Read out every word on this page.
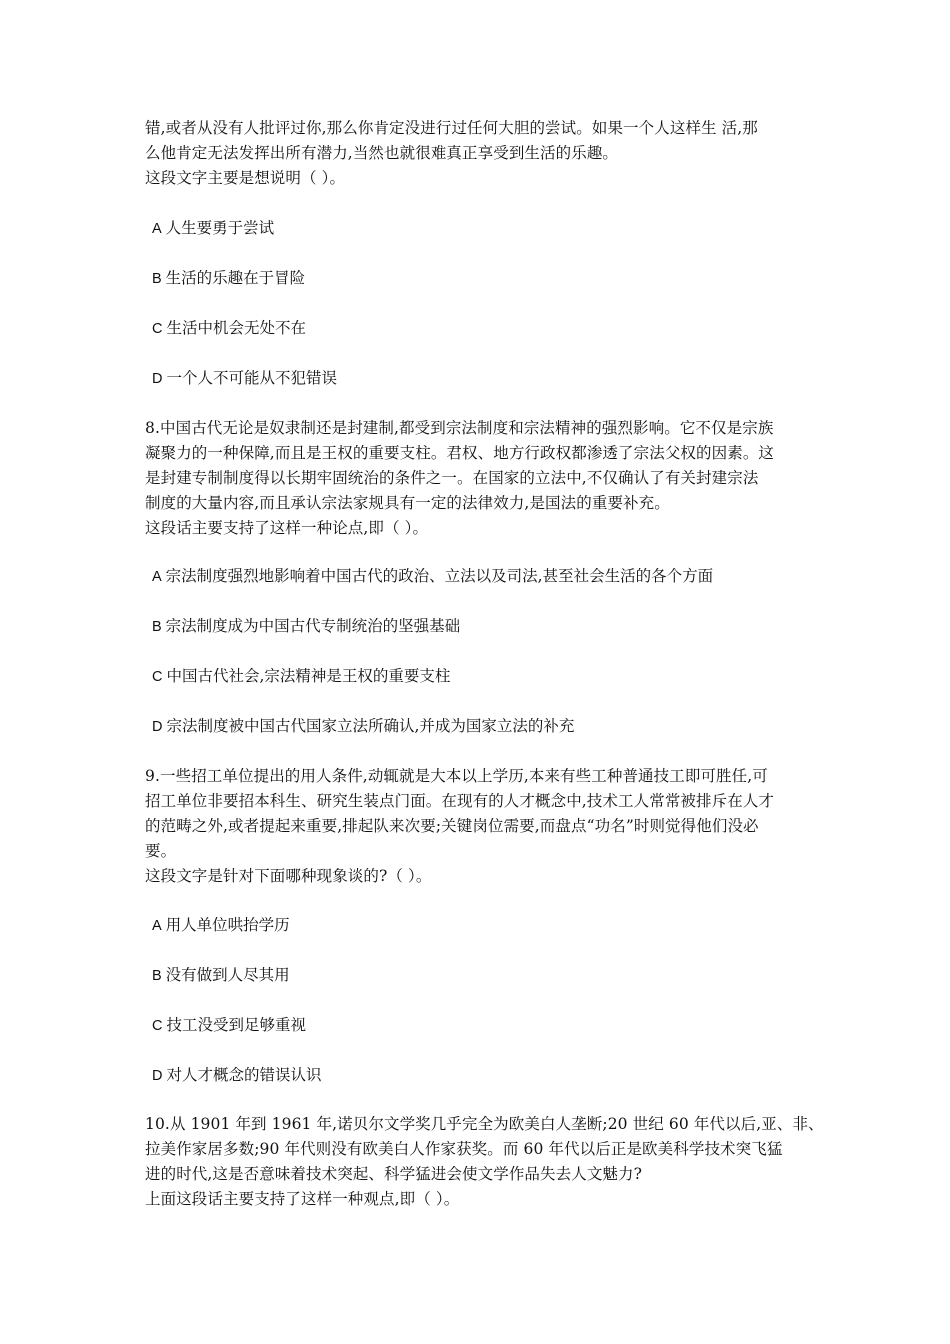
错,或者从没有人批评过你,那么你肯定没进行过任何大胆的尝试。如果一个人这样生 活,那
么他肯定无法发挥出所有潜力,当然也就很难真正享受到生活的乐趣。
这段文字主要是想说明（ ）。
A 人生要勇于尝试
B 生活的乐趣在于冒险
C 生活中机会无处不在
D 一个人不可能从不犯错误
8.中国古代无论是奴隶制还是封建制,都受到宗法制度和宗法精神的强烈影响。它不仅是宗族
凝聚力的一种保障,而且是王权的重要支柱。君权、地方行政权都渗透了宗法父权的因素。这
是封建专制制度得以长期牢固统治的条件之一。在国家的立法中,不仅确认了有关封建宗法
制度的大量内容,而且承认宗法家规具有一定的法律效力,是国法的重要补充。
这段话主要支持了这样一种论点,即（ ）。
A 宗法制度强烈地影响着中国古代的政治、立法以及司法,甚至社会生活的各个方面
B 宗法制度成为中国古代专制统治的坚强基础
C 中国古代社会,宗法精神是王权的重要支柱
D 宗法制度被中国古代国家立法所确认,并成为国家立法的补充
9.一些招工单位提出的用人条件,动辄就是大本以上学历,本来有些工种普通技工即可胜任,可
招工单位非要招本科生、研究生装点门面。在现有的人才概念中,技术工人常常被排斥在人才
的范畴之外,或者提起来重要,排起队来次要;关键岗位需要,而盘点“功名”时则觉得他们没必
要。
这段文字是针对下面哪种现象谈的?（ ）。
A 用人单位哄抬学历
B 没有做到人尽其用
C 技工没受到足够重视
D 对人才概念的错误认识
10.从 1901 年到 1961 年,诺贝尔文学奖几乎完全为欧美白人垄断;20 世纪 60 年代以后,亚、非、
拉美作家居多数;90 年代则没有欧美白人作家获奖。而 60 年代以后正是欧美科学技术突飞猛
进的时代,这是否意味着技术突起、科学猛进会使文学作品失去人文魅力?
上面这段话主要支持了这样一种观点,即（ ）。
